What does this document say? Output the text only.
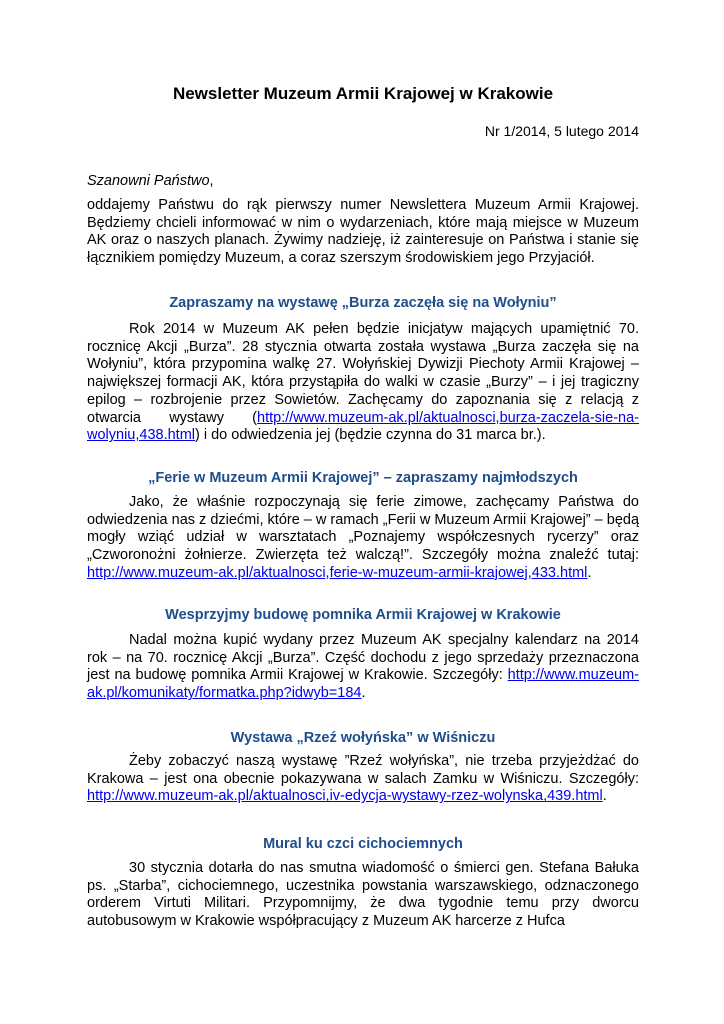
Newsletter Muzeum Armii Krajowej w Krakowie
Nr 1/2014, 5 lutego 2014
Szanowni Państwo,

oddajemy Państwu do rąk pierwszy numer Newslettera Muzeum Armii Krajowej. Będziemy chcieli informować w nim o wydarzeniach, które mają miejsce w Muzeum AK oraz o naszych planach. Żywimy nadzieję, iż zainteresuje on Państwa i stanie się łącznikiem pomiędzy Muzeum, a coraz szerszym środowiskiem jego Przyjaciół.

Zapraszamy na wystawę „Burza zaczęła się na Wołyniu”

Rok 2014 w Muzeum AK pełen będzie inicjatyw mających upamiętnić 70. rocznicę Akcji „Burza”. 28 stycznia otwarta została wystawa „Burza zaczęła się na Wołyniu”, która przypomina walkę 27. Wołyńskiej Dywizji Piechoty Armii Krajowej – największej formacji AK, która przystąpiła do walki w czasie „Burzy” – i jej tragiczny epilog – rozbrojenie przez Sowietów. Zachęcamy do zapoznania się z relacją z otwarcia wystawy (http://www.muzeum-ak.pl/aktualnosci,burza-zaczela-sie-na-wolyniu,438.html) i do odwiedzenia jej (będzie czynna do 31 marca br.).

„Ferie w Muzeum Armii Krajowej” – zapraszamy najmłodszych

Jako, że właśnie rozpoczynają się ferie zimowe, zachęcamy Państwa do odwiedzenia nas z dziećmi, które – w ramach „Ferii w Muzeum Armii Krajowej” – będą mogły wziąć udział w warsztatach „Poznajemy współczesnych rycerzy” oraz „Czworonożni żołnierze. Zwierzęta też walczą!”. Szczegóły można znaleźć tutaj: http://www.muzeum-ak.pl/aktualnosci,ferie-w-muzeum-armii-krajowej,433.html.

Wesprzyjmy budowę pomnika Armii Krajowej w Krakowie

Nadal można kupić wydany przez Muzeum AK specjalny kalendarz na 2014 rok – na 70. rocznicę Akcji „Burza”. Część dochodu z jego sprzedaży przeznaczona jest na budowę pomnika Armii Krajowej w Krakowie. Szczegóły: http://www.muzeum-ak.pl/komunikaty/formatka.php?idwyb=184.

Wystawa „Rzeź wołyńska” w Wiśniczu

Żeby zobaczyć naszą wystawę ”Rzeź wołyńska”, nie trzeba przyjeżdżać do Krakowa – jest ona obecnie pokazywana w salach Zamku w Wiśniczu. Szczegóły: http://www.muzeum-ak.pl/aktualnosci,iv-edycja-wystawy-rzez-wolynska,439.html.

Mural ku czci cichociemnych

30 stycznia dotarła do nas smutna wiadomość o śmierci gen. Stefana Bałuka ps. „Starba”, cichociemnego, uczestnika powstania warszawskiego, odznaczonego orderem Virtuti Militari. Przypomnijmy, że dwa tygodnie temu przy dworcu autobusowym w Krakowie współpracujący z Muzeum AK harcerze z Hufca
